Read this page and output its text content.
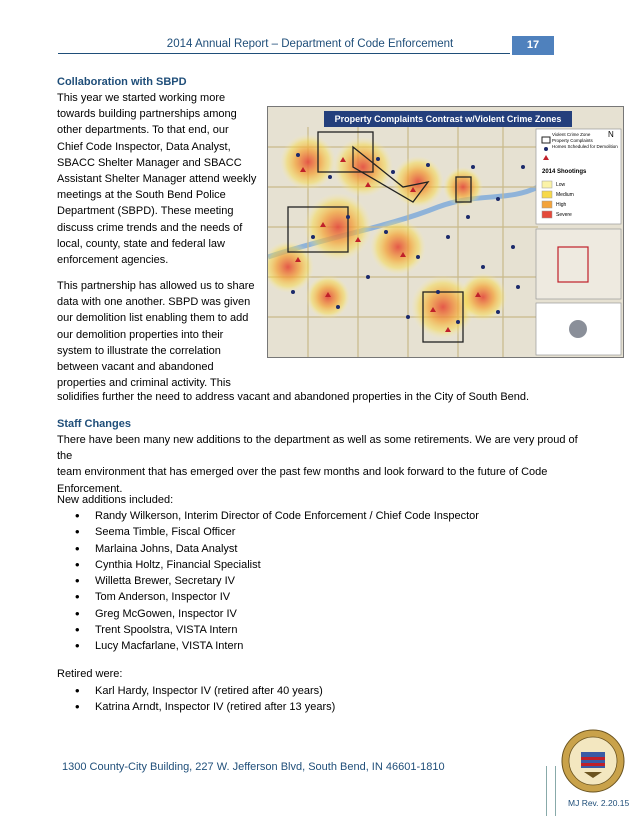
2014 Annual Report – Department of Code Enforcement	17
Collaboration with SBPD
This year we started working more
towards building partnerships among
other departments. To that end, our
Chief Code Inspector, Data Analyst,
SBACC Shelter Manager and SBACC
Assistant Shelter Manager attend weekly
meetings at the South Bend Police
Department (SBPD). These meeting
discuss crime trends and the needs of
local, county, state and federal law
enforcement agencies.
This partnership has allowed us to share
data with one another. SBPD was given
our demolition list enabling them to add
our demolition properties into their
system to illustrate the correlation
between vacant and abandoned
properties and criminal activity. This
solidifies further the need to address vacant and abandoned properties in the City of South Bend.
N
Property Complaints Contrast w/Violent Crime Zones
Violent Crime Zone
Property Complaints
Homes Scheduled for Demolition
2014 Shootings
Low
Medium
High
Severe
Staff Changes
There have been many new additions to the department as well as some retirements. We are very proud of the
team environment that has emerged over the past few months and look forward to the future of Code
Enforcement.
New additions included:
• Randy Wilkerson, Interim Director of Code Enforcement / Chief Code Inspector
• Seema Timble, Fiscal Officer
• Marlaina Johns, Data Analyst
• Cynthia Holtz, Financial Specialist
• Willetta Brewer, Secretary IV
• Tom Anderson, Inspector IV
• Greg McGowen, Inspector IV
• Trent Spoolstra, VISTA Intern
• Lucy Macfarlane, VISTA Intern
Retired were:
• Karl Hardy, Inspector IV (retired after 40 years)
• Katrina Arndt, Inspector IV (retired after 13 years)
1300 County-City Building, 227 W. Jefferson Blvd, South Bend, IN 46601-1810
MJ Rev. 2.20.15
